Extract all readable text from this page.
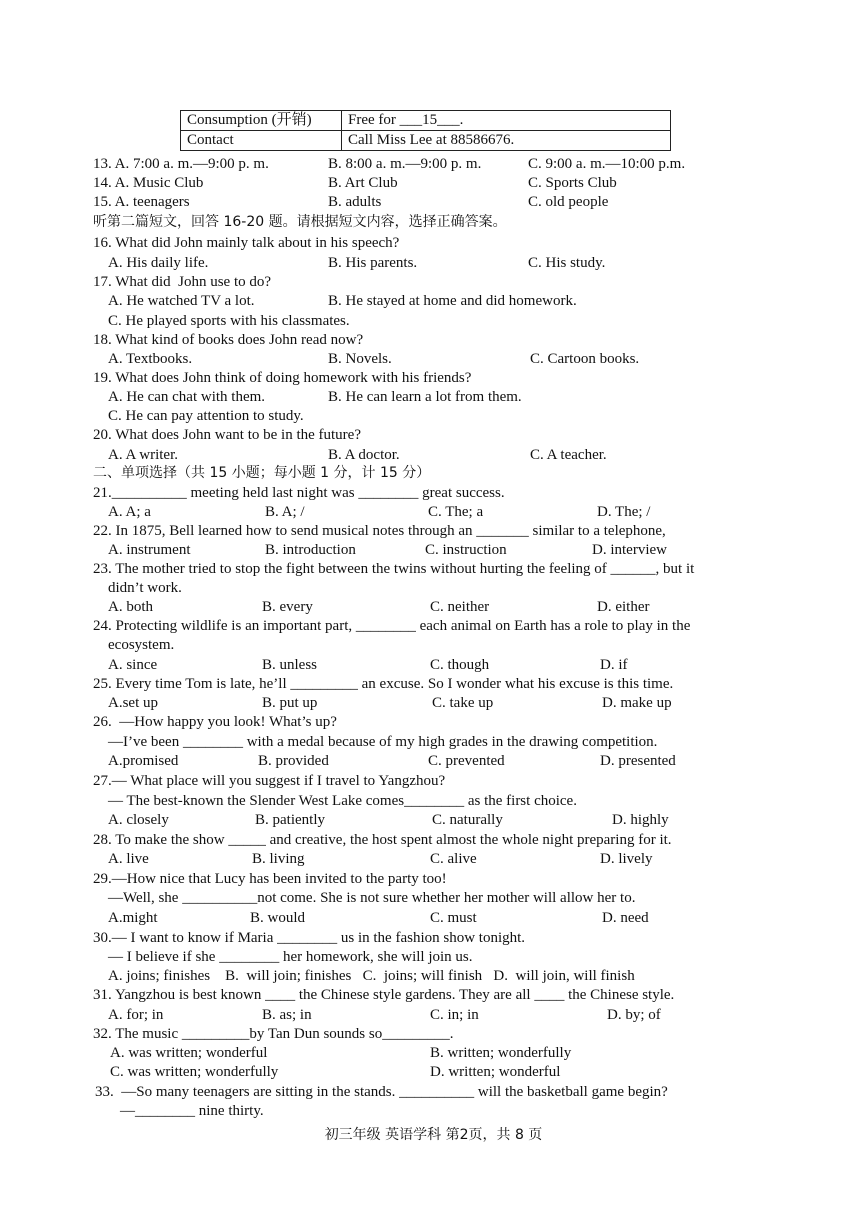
Consumption (开销)	Free for ___15___.
Contact	Call Miss Lee at 88586676.
13. A. 7:00 a. m.—9:00 p. m.	B. 8:00 a. m.—9:00 p. m.	C. 9:00 a. m.—10:00 p.m.
14. A. Music Club	B. Art Club	C. Sports Club
15. A. teenagers	B. adults	C. old people
听第二篇短文，回答 16-20 题。请根据短文内容，选择正确答案。
16. What did John mainly talk about in his speech?
A. His daily life.	B. His parents.	C. His study.
17. What did  John use to do?
A. He watched TV a lot.	B. He stayed at home and did homework.
C. He played sports with his classmates.
18. What kind of books does John read now?
A. Textbooks.	B. Novels.	C. Cartoon books.
19. What does John think of doing homework with his friends?
A. He can chat with them.	B. He can learn a lot from them.
C. He can pay attention to study.
20. What does John want to be in the future?
A. A writer.	B. A doctor.	C. A teacher.
二、单项选择（共 15 小题；每小题 1 分，计 15 分）
21.__________ meeting held last night was ________ great success.
A. A; a	B. A; /	C. The; a	D. The; /
22. In 1875, Bell learned how to send musical notes through an _______ similar to a telephone,
A. instrument	B. introduction	C. instruction	D. interview
23. The mother tried to stop the fight between the twins without hurting the feeling of ______, but it
didn’t work.
A. both	B. every	C. neither	D. either
24. Protecting wildlife is an important part, ________ each animal on Earth has a role to play in the
ecosystem.
A. since	B. unless	C. though	D. if
25. Every time Tom is late, he’ll _________ an excuse. So I wonder what his excuse is this time.
A.set up	B. put up	C. take up	D. make up
26.  —How happy you look! What’s up?
—I’ve been ________ with a medal because of my high grades in the drawing competition.
A.promised	B. provided	C. prevented	D. presented
27.— What place will you suggest if I travel to Yangzhou?
— The best-known the Slender West Lake comes________ as the first choice.
A. closely	B. patiently	C. naturally	D. highly
28. To make the show _____ and creative, the host spent almost the whole night preparing for it.
A. live	B. living	C. alive	D. lively
29.—How nice that Lucy has been invited to the party too!
—Well, she __________not come. She is not sure whether her mother will allow her to.
A.might	B. would	C. must	D. need
30.— I want to know if Maria ________ us in the fashion show tonight.
— I believe if she ________ her homework, she will join us.
A. joins; finishes    B.  will join; finishes   C.  joins; will finish   D.  will join, will finish
31. Yangzhou is best known ____ the Chinese style gardens. They are all ____ the Chinese style.
A. for; in	B. as; in	C. in; in	D. by; of
32. The music _________by Tan Dun sounds so_________.
A. was written; wonderful	B. written; wonderfully
C. was written; wonderfully	D. written; wonderful
33.  —So many teenagers are sitting in the stands. __________ will the basketball game begin?
—________ nine thirty.
初三年级 英语学科 第2页，共 8 页
